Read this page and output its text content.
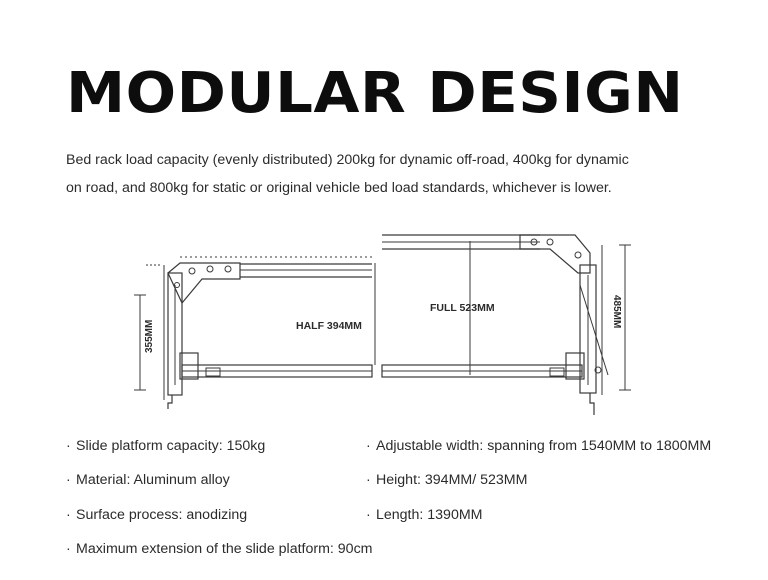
MODULAR DESIGN
Bed rack load capacity (evenly distributed) 200kg for dynamic off-road, 400kg for dynamic
on road, and 800kg for static or original vehicle bed load standards, whichever is lower.
HALF 394MM
FULL 523MM
355MM
485MM
· Slide platform capacity: 150kg
· Material: Aluminum alloy
· Surface process: anodizing
· Maximum extension of the slide platform: 90cm
· Adjustable width: spanning from 1540MM to 1800MM
· Height: 394MM/ 523MM
· Length: 1390MM
